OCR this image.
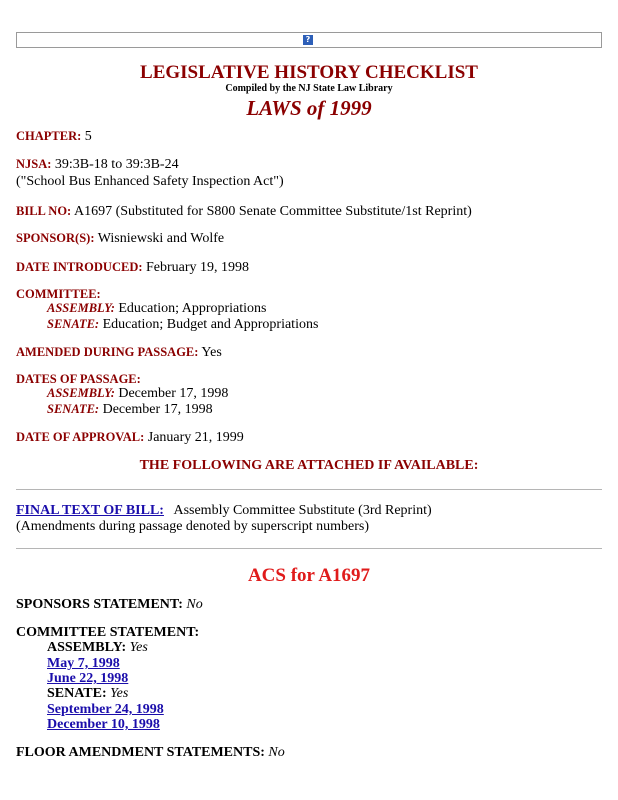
?
LEGISLATIVE HISTORY CHECKLIST
Compiled by the NJ State Law Library
LAWS of 1999
CHAPTER: 5
NJSA: 39:3B-18 to 39:3B-24
("School Bus Enhanced Safety Inspection Act")
BILL NO: A1697 (Substituted for S800 Senate Committee Substitute/1st Reprint)
SPONSOR(S): Wisniewski and Wolfe
DATE INTRODUCED: February 19, 1998
COMMITTEE:
ASSEMBLY: Education; Appropriations
SENATE: Education; Budget and Appropriations
AMENDED DURING PASSAGE: Yes
DATES OF PASSAGE:
ASSEMBLY: December 17, 1998
SENATE: December 17, 1998
DATE OF APPROVAL: January 21, 1999
THE FOLLOWING ARE ATTACHED IF AVAILABLE:
FINAL TEXT OF BILL: Assembly Committee Substitute (3rd Reprint)
(Amendments during passage denoted by superscript numbers)
ACS for A1697
SPONSORS STATEMENT: No
COMMITTEE STATEMENT:
ASSEMBLY: Yes
May 7, 1998
June 22, 1998
SENATE: Yes
September 24, 1998
December 10, 1998
FLOOR AMENDMENT STATEMENTS: No
